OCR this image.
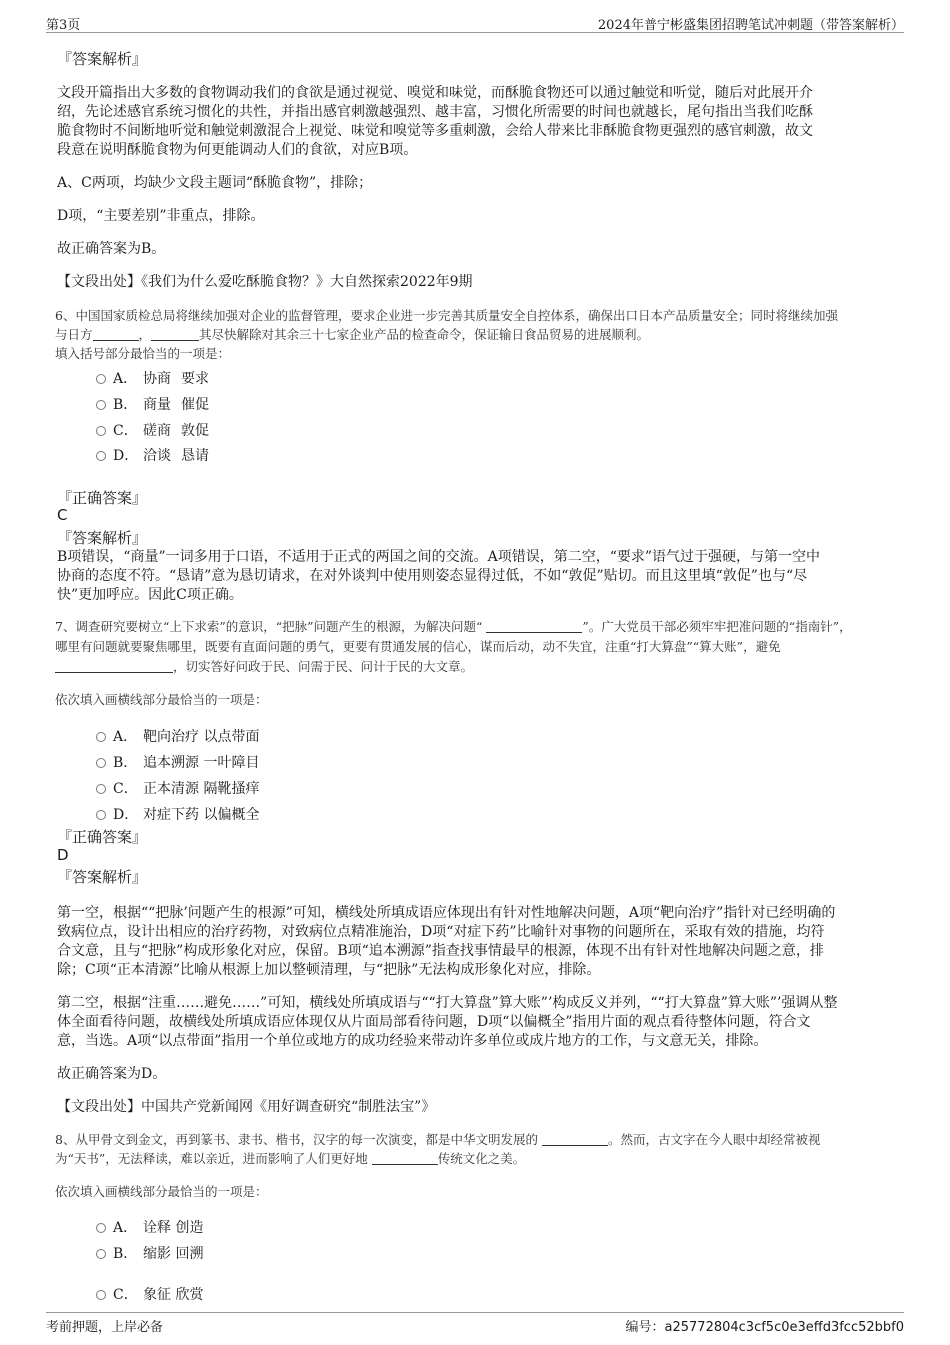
第3页	2024年普宁彬盛集团招聘笔试冲刺题（带答案解析）
『答案解析』
文段开篇指出大多数的食物调动我们的食欲是通过视觉、嗅觉和味觉，而酥脆食物还可以通过触觉和听觉，随后对此展开介
绍，先论述感官系统习惯化的共性，并指出感官刺激越强烈、越丰富，习惯化所需要的时间也就越长，尾句指出当我们吃酥
脆食物时不间断地听觉和触觉刺激混合上视觉、味觉和嗅觉等多重刺激，会给人带来比非酥脆食物更强烈的感官刺激，故文
段意在说明酥脆食物为何更能调动人们的食欲，对应B项。
A、C两项，均缺少文段主题词“酥脆食物”，排除；
D项，“主要差别”非重点，排除。
故正确答案为B。
【文段出处】《我们为什么爱吃酥脆食物？》大自然探索2022年9期
6、中国国家质检总局将继续加强对企业的监督管理，要求企业进一步完善其质量安全自控体系，确保出口日本产品质量安全；同时将继续加强
与日方	，	其尽快解除对其余三十七家企业产品的检查命令，保证输日食品贸易的进展顺利。
填入括号部分最恰当的一项是：
A． 协商 要求
B． 商量 催促
C． 磋商 敦促
D． 洽谈 恳请
『正确答案』
C
『答案解析』
B项错误，“商量”一词多用于口语，不适用于正式的两国之间的交流。A项错误，第二空，“要求”语气过于强硬，与第一空中
协商的态度不符。“恳请”意为恳切请求，在对外谈判中使用则姿态显得过低，不如“敦促”贴切。而且这里填“敦促”也与“尽
快”更加呼应。因此C项正确。
7、调查研究要树立“上下求索”的意识，“把脉”问题产生的根源，为解决问题“	”。广大党员干部必须牢牢把准问题的“指南针”，
哪里有问题就要聚焦哪里，既要有直面问题的勇气，更要有贯通发展的信心，谋而后动，动不失宜，注重“打大算盘”“算大账”，避免
，切实答好问政于民、问需于民、问计于民的大文章。
依次填入画横线部分最恰当的一项是：
A． 靶向治疗 以点带面
B． 追本溯源 一叶障目
C． 正本清源 隔靴搔痒
D． 对症下药 以偏概全
『正确答案』
D
『答案解析』
第一空，根据““把脉’问题产生的根源”可知，横线处所填成语应体现出有针对性地解决问题，A项“靶向治疗”指针对已经明确的
致病位点，设计出相应的治疗药物，对致病位点精准施治，D项“对症下药”比喻针对事物的问题所在，采取有效的措施，均符
合文意，且与“把脉”构成形象化对应，保留。B项“追本溯源”指查找事情最早的根源，体现不出有针对性地解决问题之意，排
除；C项“正本清源”比喻从根源上加以整顿清理，与“把脉”无法构成形象化对应，排除。
第二空，根据“注重……避免……”可知，横线处所填成语与““打大算盘”算大账”’构成反义并列，““打大算盘”算大账”’强调从整
体全面看待问题，故横线处所填成语应体现仅从片面局部看待问题，D项“以偏概全”指用片面的观点看待整体问题，符合文
意，当选。A项“以点带面”指用一个单位或地方的成功经验来带动许多单位或成片地方的工作，与文意无关，排除。
故正确答案为D。
【文段出处】中国共产党新闻网《用好调查研究“制胜法宝”》
8、从甲骨文到金文，再到篆书、隶书、楷书，汉字的每一次演变，都是中华文明发展的	。然而，古文字在今人眼中却经常被视
为“天书”，无法释读，难以亲近，进而影响了人们更好地	传统文化之美。
依次填入画横线部分最恰当的一项是：
A． 诠释 创造
B． 缩影 回溯
C． 象征 欣赏
考前押题，上岸必备	编号：a25772804c3cf5c0e3effd3fcc52bbf0
